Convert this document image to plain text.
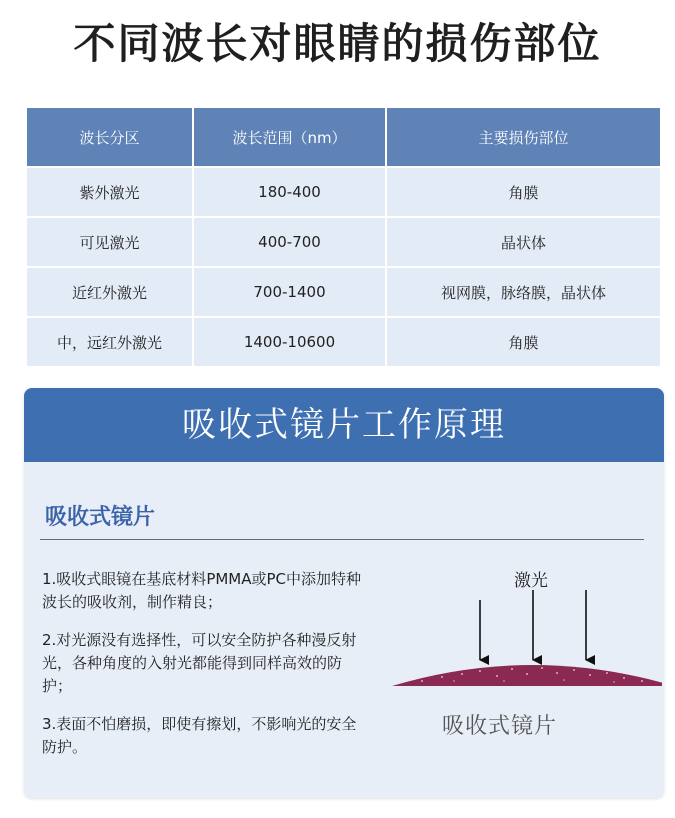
不同波长对眼睛的损伤部位
波长分区	波长范围（nm）	主要损伤部位
紫外激光	180-400	角膜
可见激光	400-700	晶状体
近红外激光	700-1400	视网膜，脉络膜，晶状体
中，远红外激光	1400-10600	角膜
吸收式镜片工作原理
吸收式镜片
1.吸收式眼镜在基底材料PMMA或PC中添加特种波长的吸收剂，制作精良；
2.对光源没有选择性，可以安全防护各种漫反射光，各种角度的入射光都能得到同样高效的防护；
3.表面不怕磨损，即使有擦划，不影响光的安全防护。
激光
吸收式镜片
